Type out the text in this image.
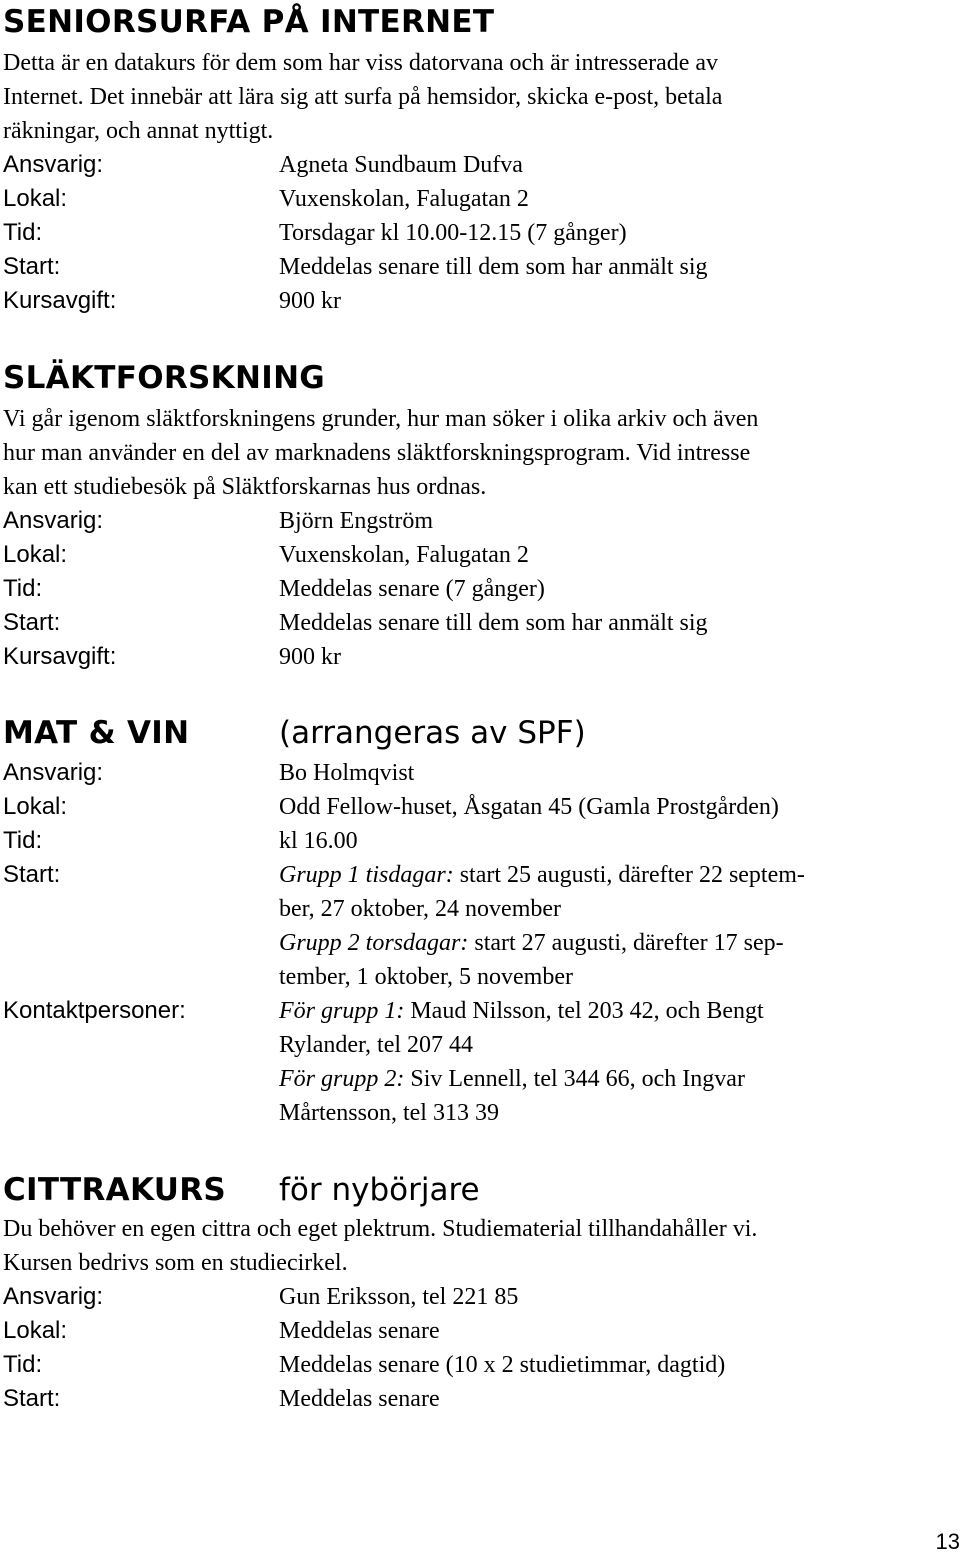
SENIORSURFA PÅ INTERNET
Detta är en datakurs för dem som har viss datorvana och är intresserade av
Internet. Det innebär att lära sig att surfa på hemsidor, skicka e-post, betala
räkningar, och annat nyttigt.
Ansvarig:	Agneta Sundbaum Dufva
Lokal:	Vuxenskolan, Falugatan 2
Tid:	Torsdagar kl 10.00-12.15 (7 gånger)
Start:	Meddelas senare till dem som har anmält sig
Kursavgift:	900 kr
SLÄKTFORSKNING
Vi går igenom släktforskningens grunder, hur man söker i olika arkiv och även
hur man använder en del av marknadens släktforskningsprogram. Vid intresse
kan ett studiebesök på Släktforskarnas hus ordnas.
Ansvarig:	Björn Engström
Lokal:	Vuxenskolan, Falugatan 2
Tid:	Meddelas senare (7 gånger)
Start:	Meddelas senare till dem som har anmält sig
Kursavgift:	900 kr
MAT & VIN	(arrangeras av SPF)
Ansvarig:	Bo Holmqvist
Lokal:	Odd Fellow-huset, Åsgatan 45 (Gamla Prostgården)
Tid:	kl 16.00
Start:	Grupp 1 tisdagar: start 25 augusti, därefter 22 septem-
ber, 27 oktober, 24 november
Grupp 2 torsdagar: start 27 augusti, därefter 17 sep-
tember, 1 oktober, 5 november
Kontaktpersoner:	För grupp 1: Maud Nilsson, tel 203 42, och Bengt
Rylander, tel 207 44
För grupp 2: Siv Lennell, tel 344 66, och Ingvar
Mårtensson, tel 313 39
CITTRAKURS för nybörjare
Du behöver en egen cittra och eget plektrum. Studiematerial tillhandahåller vi.
Kursen bedrivs som en studiecirkel.
Ansvarig:	Gun Eriksson, tel 221 85
Lokal:	Meddelas senare
Tid:	Meddelas senare (10 x 2 studietimmar, dagtid)
Start:	Meddelas senare
13
